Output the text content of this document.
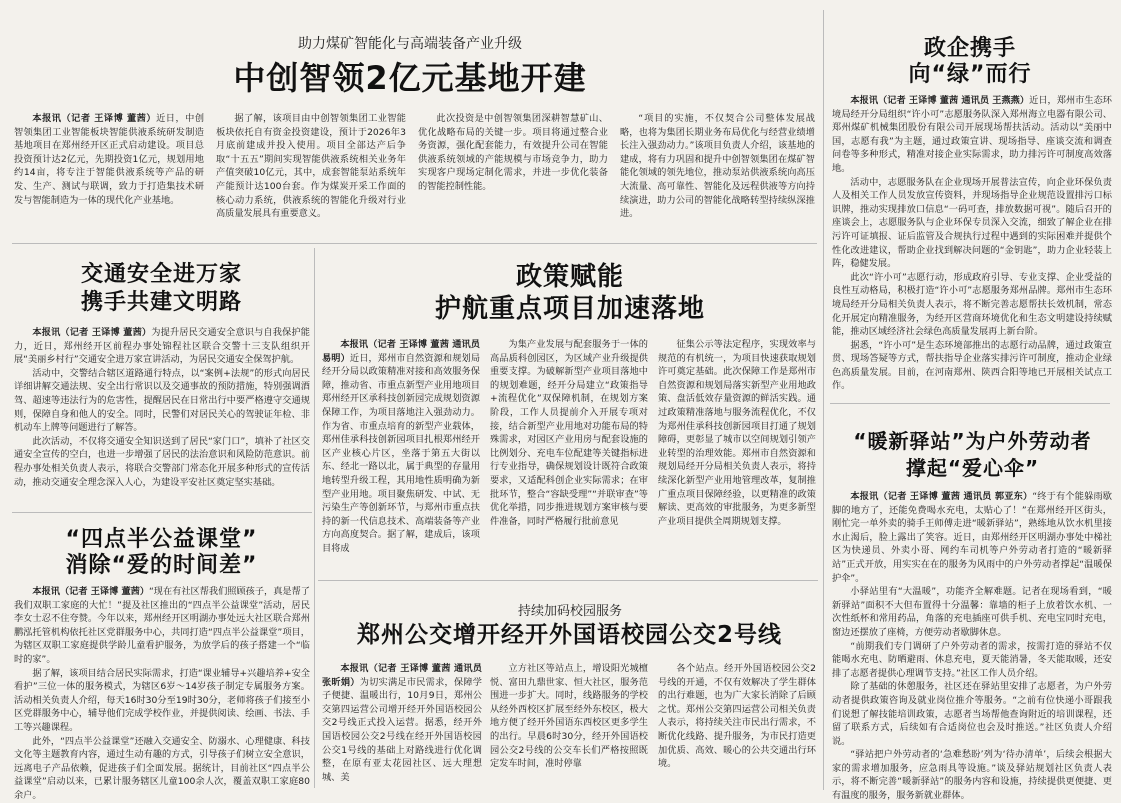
助力煤矿智能化与高端装备产业升级
中创智领2亿元基地开建

本报讯（记者 王译博 董茜）近日，中创智领集团工业智能板块智能供液系统研发制造基地项目在郑州经开区正式启动建设。项目总投资预计达2亿元，先期投资1亿元，规划用地约14亩，将专注于智能供液系统等产品的研发、生产、测试与联调，致力于打造集技术研发与智能制造为一体的现代化产业基地。

据了解，该项目由中创智领集团工业智能板块依托自有资金投资建设，预计于2026年3月底前建成并投入使用。项目全部达产后争取“十五五”期间实现智能供液系统相关业务年产值突破10亿元，其中，成套智能泵站系统年产能预计达100台套。作为煤炭开采工作面的核心动力系统，供液系统的智能化升级对行业高质量发展具有重要意义。

此次投资是中创智领集团深耕智慧矿山、优化战略布局的关键一步。项目将通过整合业务资源，强化配套能力，有效提升公司在智能供液系统领域的产能规模与市场竞争力，助力实现客户现场定制化需求，并进一步优化装备的智能控制性能。

“项目的实施，不仅契合公司整体发展战略，也将为集团长期业务布局优化与经营业绩增长注入强劲动力。”该项目负责人介绍，该基地的建成，将有力巩固和提升中创智领集团在煤矿智能化领域的领先地位，推动泵站供液系统向高压大流量、高可靠性、智能化及远程供液等方向持续演进，助力公司的智能化战略转型持续纵深推进。

交通安全进万家
携手共建文明路

本报讯（记者 王译博 董茜）为提升居民交通安全意识与自我保护能力，近日，郑州经开区前程办事处锦程社区联合交警十三支队组织开展“美丽乡村行”交通安全进万家宣讲活动，为居民交通安全保驾护航。

活动中，交警结合辖区道路通行特点，以“案例+法规”的形式向居民详细讲解交通法规、安全出行常识以及交通事故的预防措施，特别强调酒驾、超速等违法行为的危害性，提醒居民在日常出行中要严格遵守交通规则，保障自身和他人的安全。同时，民警们对居民关心的驾驶证年检、非机动车上牌等问题进行了解答。

此次活动，不仅将交通安全知识送到了居民“家门口”，填补了社区交通安全宣传的空白，也进一步增强了居民的法治意识和风险防范意识。前程办事处相关负责人表示，将联合交警部门常态化开展多种形式的宣传活动，推动交通安全理念深入人心，为建设平安社区奠定坚实基础。

“四点半公益课堂”
消除“爱的时间差”

本报讯（记者 王译博 董茜）“现在有社区帮我们照顾孩子，真是帮了我们双职工家庭的大忙！”提及社区推出的“四点半公益课堂”活动，居民李女士忍不住夸赞。今年以来，郑州经开区明湖办事处远大社区联合郑州鹏泓托管机构依托社区党群服务中心，共同打造“四点半公益课堂”项目，为辖区双职工家庭提供学龄儿童看护服务，为放学后的孩子搭建一个“临时的家”。

据了解，该项目结合居民实际需求，打造“课业辅导+兴趣培养+安全看护”三位一体的服务模式，为辖区6岁～14岁孩子制定专属服务方案。活动相关负责人介绍，每天16时30分至19时30分，老师将孩子们接至小区党群服务中心，辅导他们完成学校作业，并提供阅读、绘画、书法、手工等兴趣课程。

此外，“四点半公益课堂”还融入交通安全、防溺水、心理健康、科技文化等主题教育内容，通过生动有趣的方式，引导孩子们树立安全意识，远离电子产品依赖，促进孩子们全面发展。据统计，目前社区“四点半公益课堂”启动以来，已累计服务辖区儿童100余人次，覆盖双职工家庭80余户。

政策赋能
护航重点项目加速落地

本报讯（记者 王译博 董茜 通讯员 易明）近日，郑州市自然资源和规划局经开分局以政策精准对接和高效服务保障，推动省、市重点新型产业用地项目郑州经开区承科技创新园完成规划资源保障工作，为项目落地注入强劲动力。作为省、市重点培育的新型产业载体，郑州佳承科技创新园项目扎根郑州经开区产业核心片区，坐落于第五大街以东、经北一路以北，属于典型的存量用地转型升级工程，其用地性质明确为新型产业用地。项目聚焦研发、中试、无污染生产等创新环节，与郑州市重点扶持的新一代信息技术、高端装备等产业方向高度契合。据了解，建成后，该项目将成

为集产业发展与配套服务于一体的高品质科创园区，为区域产业升级提供重要支撑。为破解新型产业项目落地中的规划难题，经开分局建立“政策指导+流程优化”双保障机制，在规划方案阶段，工作人员提前介入开展专项对接，结合新型产业用地对功能布局的特殊需求，对园区产业用房与配套设施的比例划分、充电车位配建等关键指标进行专业指导，确保规划设计既符合政策要求，又适配科创企业实际需求；在审批环节，整合“容缺受理”“并联审查”等优化举措，同步推进规划方案审核与要件准备，同时严格履行批前意见

征集公示等法定程序，实现效率与规范的有机统一，为项目快速获取规划许可奠定基础。此次保障工作是郑州市自然资源和规划局落实新型产业用地政策、盘活低效存量资源的鲜活实践。通过政策精准落地与服务流程优化，不仅为郑州佳承科技创新园项目打通了规划障碍，更彰显了城市以空间规划引领产业转型的治理效能。郑州市自然资源和规划局经开分局相关负责人表示，将持续深化新型产业用地管理改革，复制推广重点项目保障经验，以更精准的政策解读、更高效的审批服务，为更多新型产业项目提供全周期规划支撑。

持续加码校园服务
郑州公交增开经开外国语校园公交2号线

本报讯（记者 王译博 董茜 通讯员 张昕娟）为切实满足市民需求，保障学子便捷、温暖出行，10月9日，郑州公交第四运营公司增开经开外国语校园公交2号线正式投入运营。据悉，经开外国语校园公交2号线在经开外国语校园公交1号线的基础上对路线进行优化调整，在原有亚太花园社区、远大理想城、美

立方社区等站点上，增设阳光城檀悦、富田九鼎世家、恒大社区，服务范围进一步扩大。同时，线路服务的学校从经外西校区扩展至经外东校区，极大地方便了经开外国语东西校区更多学生的出行。早晨6时30分，经开外国语校园公交2号线的公交车长们严格按照既定发车时间，准时停靠

各个站点。经开外国语校园公交2号线的开通，不仅有效解决了学生群体的出行难题，也为广大家长消除了后顾之忧。郑州公交第四运营公司相关负责人表示，将持续关注市民出行需求，不断优化线路、提升服务，为市民打造更加优质、高效、暖心的公共交通出行环境。

政企携手
向“绿”而行

本报讯（记者 王译博 董茜 通讯员 王燕燕）近日，郑州市生态环境局经开分局组织“许小可”志愿服务队深入郑州海立电器有限公司、郑州煤矿机械集团股份有限公司开展现场帮扶活动。活动以“美丽中国，志愿有我”为主题，通过政策宣讲、现场指导、座谈交流和调查问卷等多种形式，精准对接企业实际需求，助力排污许可制度高效落地。

活动中，志愿服务队在企业现场开展普法宣传，向企业环保负责人及相关工作人员发放宣传资料，并现场指导企业规范设置排污口标识牌，推动实现排放口信息“一码可查，排放数据可视”。随后召开的座谈会上，志愿服务队与企业环保专员深入交流，细致了解企业在排污许可证填报、证后监管及合规执行过程中遇到的实际困难并提供个性化改进建议，帮助企业找到解决问题的“金钥匙”，助力企业轻装上阵，稳健发展。

此次“许小可”志愿行动，形成政府引导、专业支撑、企业受益的良性互动格局，积极打造“许小可”志愿服务郑州品牌。郑州市生态环境局经开分局相关负责人表示，将不断完善志愿帮扶长效机制，常态化开展定向精准服务，为经开区营商环境优化和生态文明建设持续赋能，推动区域经济社会绿色高质量发展再上新台阶。

据悉，“许小可”是生态环境部推出的志愿行动品牌，通过政策宣贯、现场答疑等方式，帮扶指导企业落实排污许可制度，推动企业绿色高质量发展。目前，在河南郑州、陕西合阳等地已开展相关试点工作。

“暖新驿站”为户外劳动者
撑起“爱心伞”

本报讯（记者 王译博 董茜 通讯员 郭亚东）“终于有个能躲雨歇脚的地方了，还能免费喝水充电，太贴心了！”在郑州经开区街头，刚忙完一单外卖的骑手王师傅走进“暖新驿站”，熟练地从饮水机里接水止渴后，脸上露出了笑容。近日，由郑州经开区明湖办事处中梯社区为快递员、外卖小哥、网约车司机等户外劳动者打造的“暖新驿站”正式开放，用实实在在的服务为风雨中的户外劳动者撑起“温暖保护伞”。

小驿站里有“大温暖”，功能齐全解难题。记者在现场看到，“暖新驿站”面积不大但布置得十分温馨：靠墙的柜子上放着饮水机、一次性纸杯和常用药品，角落的充电插座可供手机、充电宝同时充电，窗边还摆放了座椅，方便劳动者歇脚休息。

“前期我们专门调研了户外劳动者的需求，按需打造的驿站不仅能喝水充电、防晒避雨、休息充电，夏天能消暑，冬天能取暖，还安排了志愿者提供心理调节支持。”社区工作人员介绍。

除了基础的休憩服务，社区还在驿站里安排了志愿者，为户外劳动者提供政策咨询及就业岗位推介等服务。“之前有位快递小哥跟我们说想了解技能培训政策，志愿者当场帮他查询附近的培训课程，还留了联系方式，后续如有合适岗位也会及时推送。”社区负责人介绍说。

“驿站把户外劳动者的‘急难愁盼’列为‘待办清单’，后续会根据大家的需求增加服务，应急雨具等设施。”谈及驿站规划社区负责人表示，将不断完善“暖新驿站”的服务内容和设施，持续提供更便捷、更有温度的服务，服务新就业群体。
